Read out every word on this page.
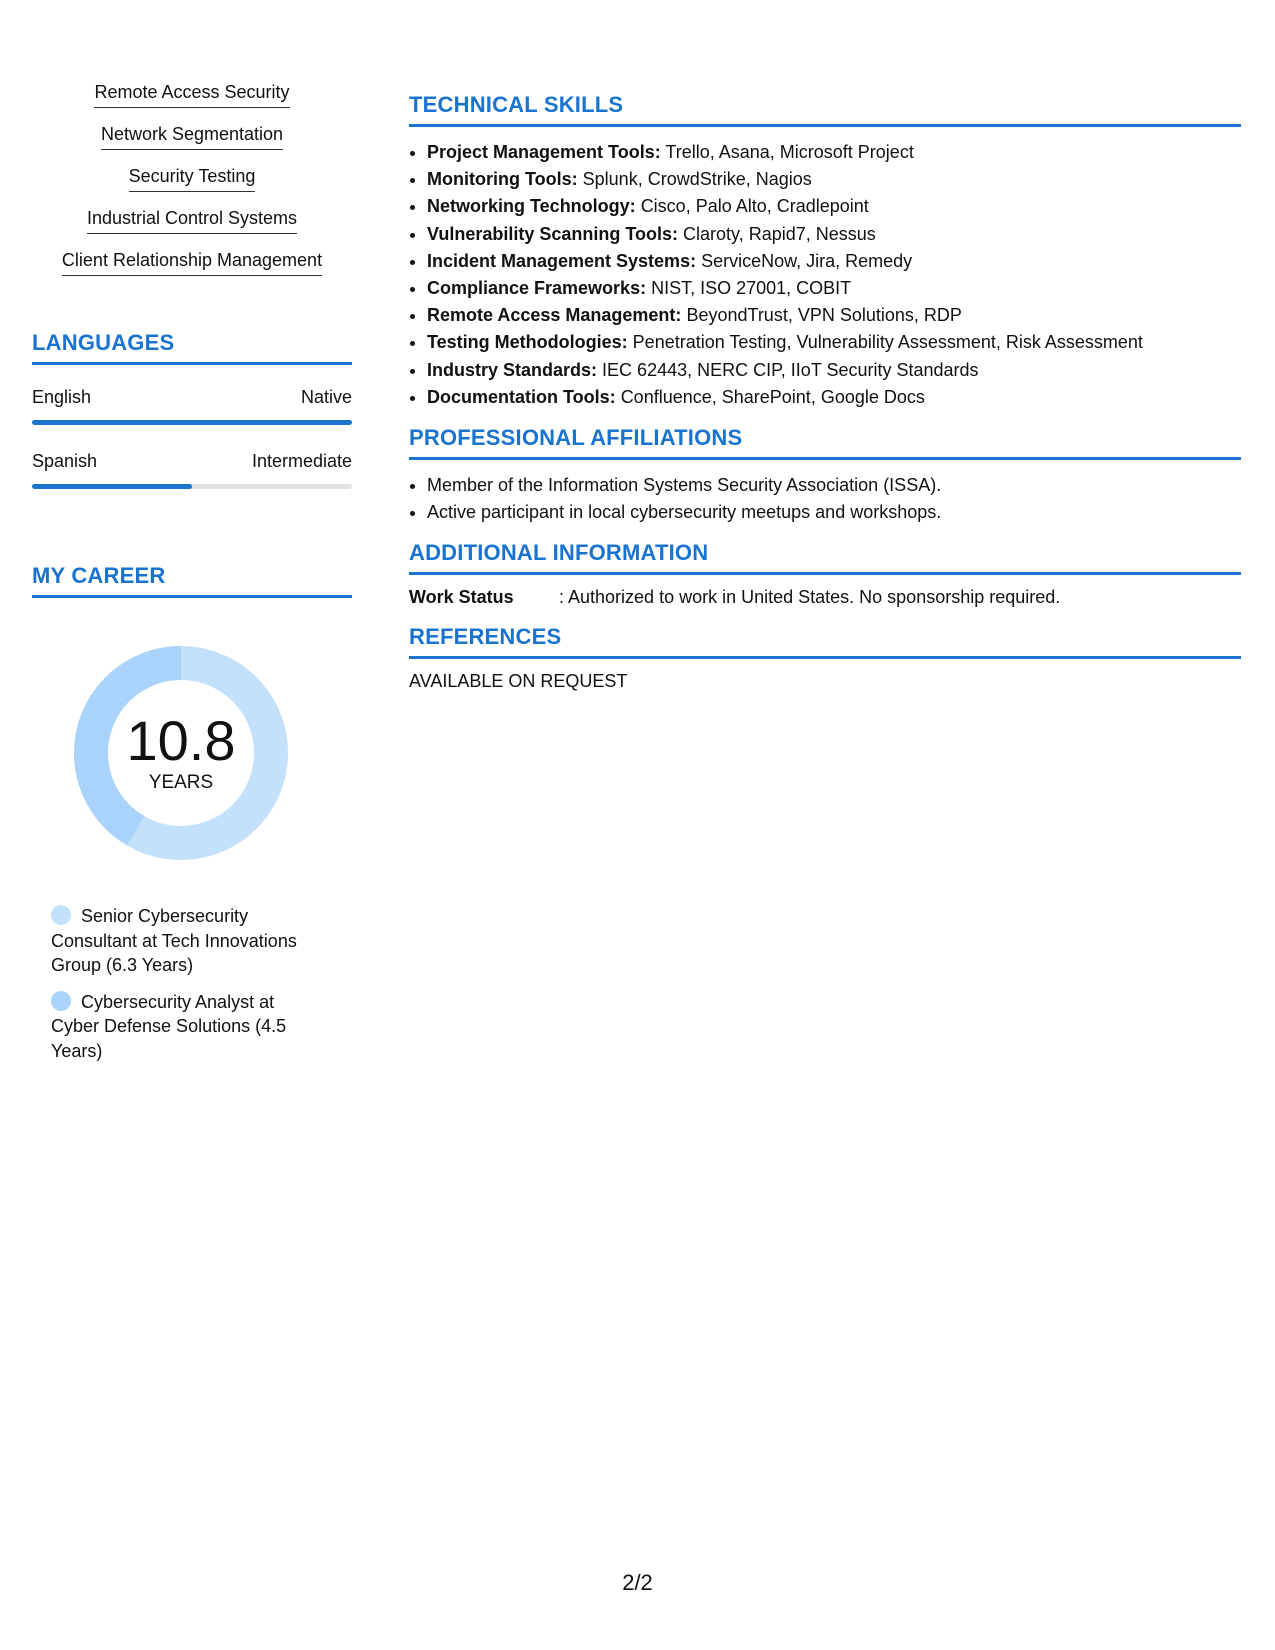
Remote Access Security
Network Segmentation
Security Testing
Industrial Control Systems
Client Relationship Management
LANGUAGES
English	Native
Spanish	Intermediate
MY CAREER
10.8
YEARS
Senior Cybersecurity Consultant at Tech Innovations Group (6.3 Years)
Cybersecurity Analyst at Cyber Defense Solutions (4.5 Years)
TECHNICAL SKILLS
• Project Management Tools: Trello, Asana, Microsoft Project
• Monitoring Tools: Splunk, CrowdStrike, Nagios
• Networking Technology: Cisco, Palo Alto, Cradlepoint
• Vulnerability Scanning Tools: Claroty, Rapid7, Nessus
• Incident Management Systems: ServiceNow, Jira, Remedy
• Compliance Frameworks: NIST, ISO 27001, COBIT
• Remote Access Management: BeyondTrust, VPN Solutions, RDP
• Testing Methodologies: Penetration Testing, Vulnerability Assessment, Risk Assessment
• Industry Standards: IEC 62443, NERC CIP, IIoT Security Standards
• Documentation Tools: Confluence, SharePoint, Google Docs
PROFESSIONAL AFFILIATIONS
• Member of the Information Systems Security Association (ISSA).
• Active participant in local cybersecurity meetups and workshops.
ADDITIONAL INFORMATION
Work Status	: Authorized to work in United States. No sponsorship required.
REFERENCES
AVAILABLE ON REQUEST
2/2
